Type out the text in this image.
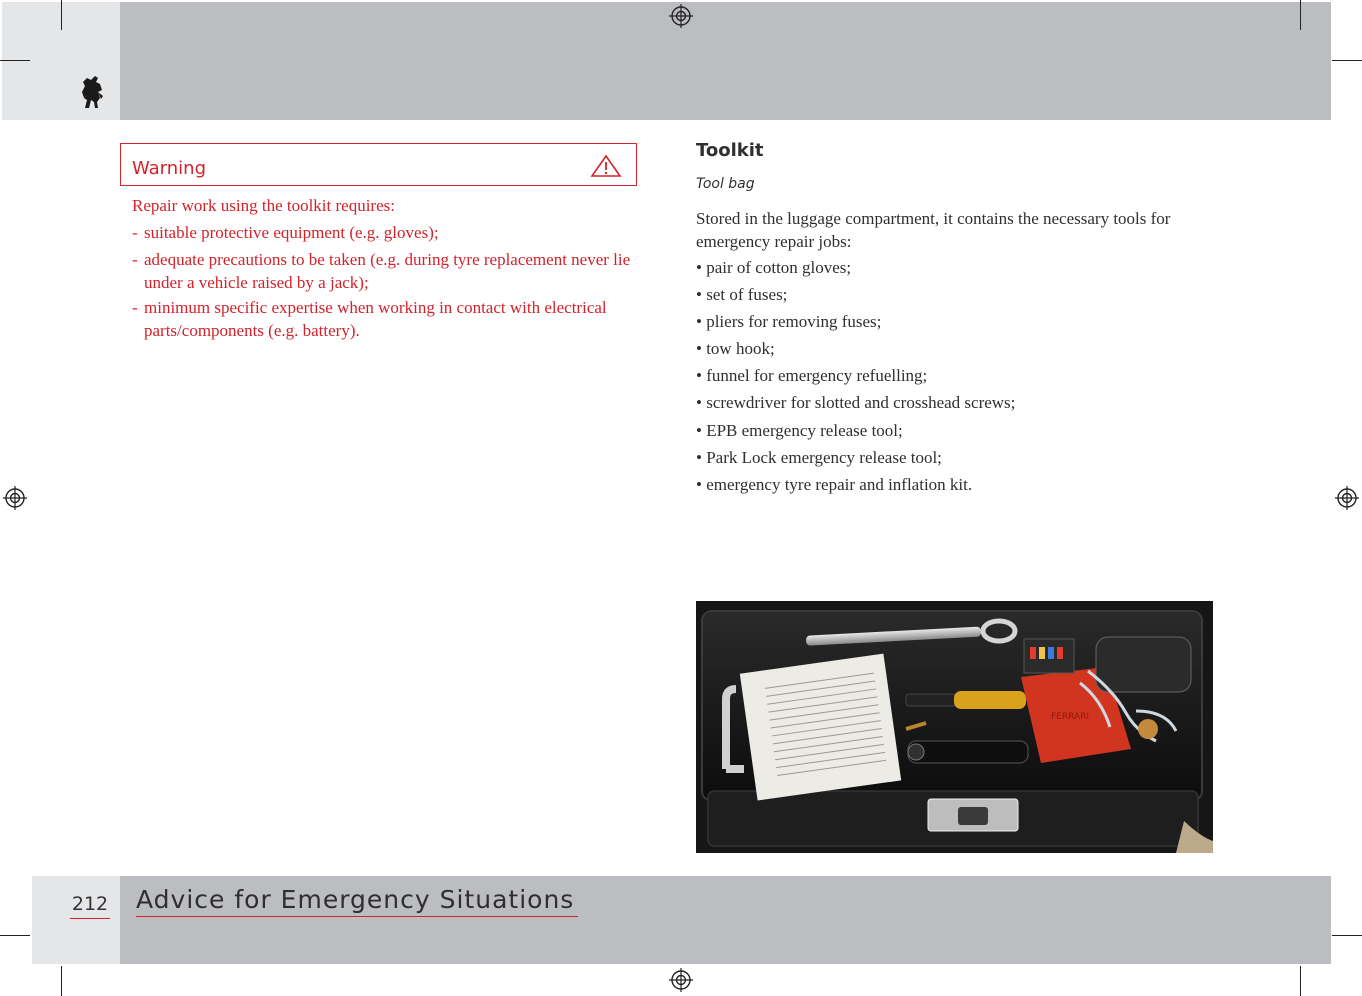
Warning
Repair work using the toolkit requires:
- suitable protective equipment (e.g. gloves);
- adequate precautions to be taken (e.g. during tyre replacement never lie under a vehicle raised by a jack);
- minimum specific expertise when working in contact with electrical parts/components (e.g. battery).
Toolkit
Tool bag
Stored in the luggage compartment, it contains the necessary tools for emergency repair jobs:
• pair of cotton gloves;
• set of fuses;
• pliers for removing fuses;
• tow hook;
• funnel for emergency refuelling;
• screwdriver for slotted and crosshead screws;
• EPB emergency release tool;
• Park Lock emergency release tool;
• emergency tyre repair and inflation kit.
FERRARI
212 Advice for Emergency Situations
